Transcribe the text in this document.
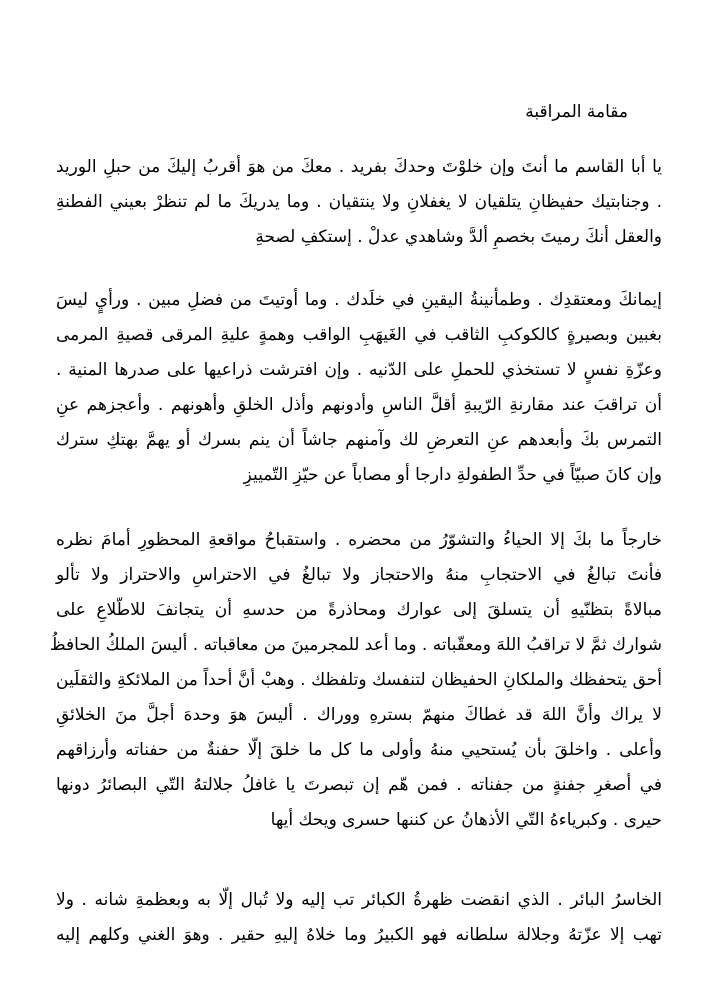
مقامة المراقبة
يا أبا القاسم ما أنتَ وإن خلوْتَ وحدكَ بفريد . معكَ من هوَ أقربُ إليكَ من حبلِ الوريد
. وجنابتيك حفيظانِ يتلقيان لا يغفلانِ ولا ينتقيان . وما يدريكَ ما لم تنظرْ بعيني الفطنةِ
والعقل أنكَ رميتَ بخصمِ ألدَّ وشاهدي عدلْ . إستكفِ لصحةِ
إيمانكَ ومعتقدِك . وطمأنينةُ اليقينِ في خلَدك . وما أوتيتَ من فضلِ مبين . ورأيٍ ليسَ
بغبين وبصيرةٍ كالكوكبِ الثاقب في الغَيهَبِ الواقب وهمةٍ عليةِ المرقى قصيةِ المرمى
وعزّةِ نفسٍ لا تستخذي للحملِ على الدّنيه . وإن افترشت ذراعيها على صدرها المنية .
أن تراقبَ عند مقارنةِ الرّيبةِ أقلَّ الناسِ وأدونهم وأذل الخلقِ وأهونهم . وأعجزهم عنِ
التمرس بكَ وأبعدهم عنِ التعرضِ لك وآمنهم جاشاً أن ينم بسرك أو يهمَّ بهتكِ سترك
وإن كانَ صبيّاً في حدِّ الطفولةِ دارجا أو مصاباً عن حيّزِ التّمييزِ
خارجاً ما بكَ إلا الحياءُ والتشوّرُ من محضره . واستقباحُ مواقعةِ المحظورِ أمامَ نظره
فأنتَ تبالغُ في الاحتجابِ منهُ والاحتجاز ولا تبالغُ في الاحتراسِ والاحتراز ولا تألو
مبالاةً بتظنّيهِ أن يتسلقَ إلى عوارك ومحاذرةً من حدسهِ أن يتجانفَ للاطّلاعِ على
شوارك ثمَّ لا تراقبُ اللهَ ومعقّباته . وما أعد للمجرمينَ من معاقباته . أليسَ الملكُ الحافظُ
أحق يتحفظك والملكانِ الحفيظان لتنفسك وتلفظك . وهبْ أنَّ أحداً من الملائكةِ والثقلَين
لا يراك وأنَّ اللهَ قد غطاكَ منهمّ بسترهِ ووراك . أليسَ هوَ وحدهَ أجلَّ منَ الخلائقِ
وأعلى . واخلقَ بأن يُستحيي منهُ وأولى ما كل ما خلقَ إلّا حفنةٌ من حفناته وأرزاقهم
في أصغرِ جفنةٍ من جفناته . فمن هّم إن تبصرتَ يا غافلُ جلالتهُ التّي البصائرُ دونها
حيرى . وكبرياءهُ التّي الأذهانُ عن كننها حسرى ويحك أيها
الخاسرُ البائر . الذي انقضت ظهرةُ الكبائر تب إليه ولا تُبال إلّا به وبعظمةِ شانه . ولا
تهب إلا عزّتهُ وجلالة سلطانه فهو الكبيرُ وما خلاهُ إليهِ حقير . وهوَ الغني وكلهم إليه
